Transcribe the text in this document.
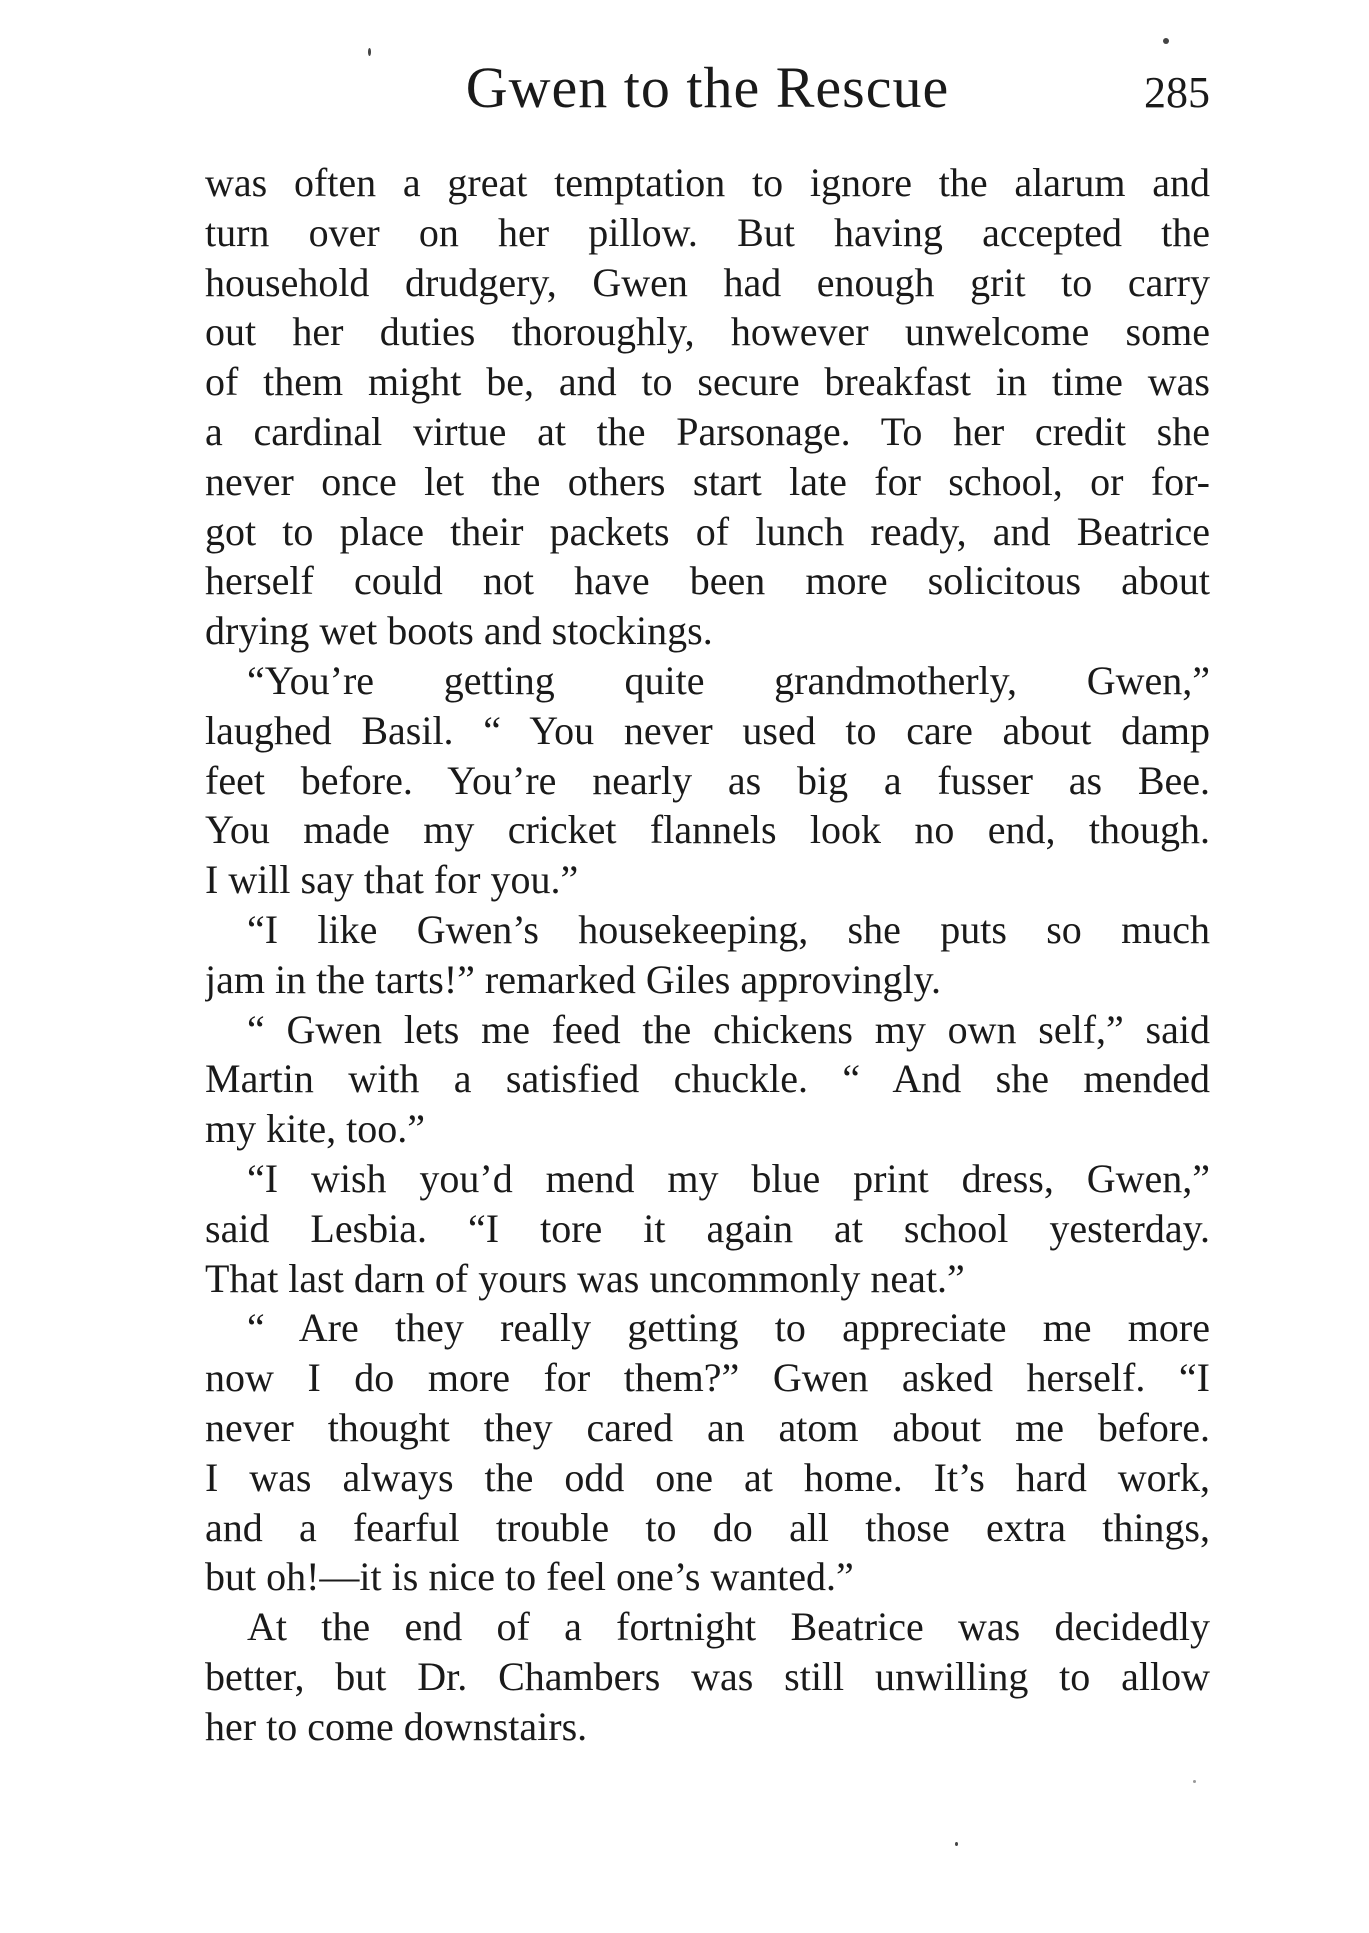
Gwen to the Rescue	285
was often a great temptation to ignore the alarum and
turn over on her pillow. But having accepted the
household drudgery, Gwen had enough grit to carry
out her duties thoroughly, however unwelcome some
of them might be, and to secure breakfast in time was
a cardinal virtue at the Parsonage. To her credit she
never once let the others start late for school, or for-
got to place their packets of lunch ready, and Beatrice
herself could not have been more solicitous about
drying wet boots and stockings.
“You’re getting quite grandmotherly, Gwen,”
laughed Basil. “ You never used to care about damp
feet before. You’re nearly as big a fusser as Bee.
You made my cricket flannels look no end, though.
I will say that for you.”
“I like Gwen’s housekeeping, she puts so much
jam in the tarts!” remarked Giles approvingly.
“ Gwen lets me feed the chickens my own self,” said
Martin with a satisfied chuckle. “ And she mended
my kite, too.”
“I wish you’d mend my blue print dress, Gwen,”
said Lesbia. “I tore it again at school yesterday.
That last darn of yours was uncommonly neat.”
“ Are they really getting to appreciate me more
now I do more for them?” Gwen asked herself. “I
never thought they cared an atom about me before.
I was always the odd one at home. It’s hard work,
and a fearful trouble to do all those extra things,
but oh!—it is nice to feel one’s wanted.”
At the end of a fortnight Beatrice was decidedly
better, but Dr. Chambers was still unwilling to allow
her to come downstairs.
